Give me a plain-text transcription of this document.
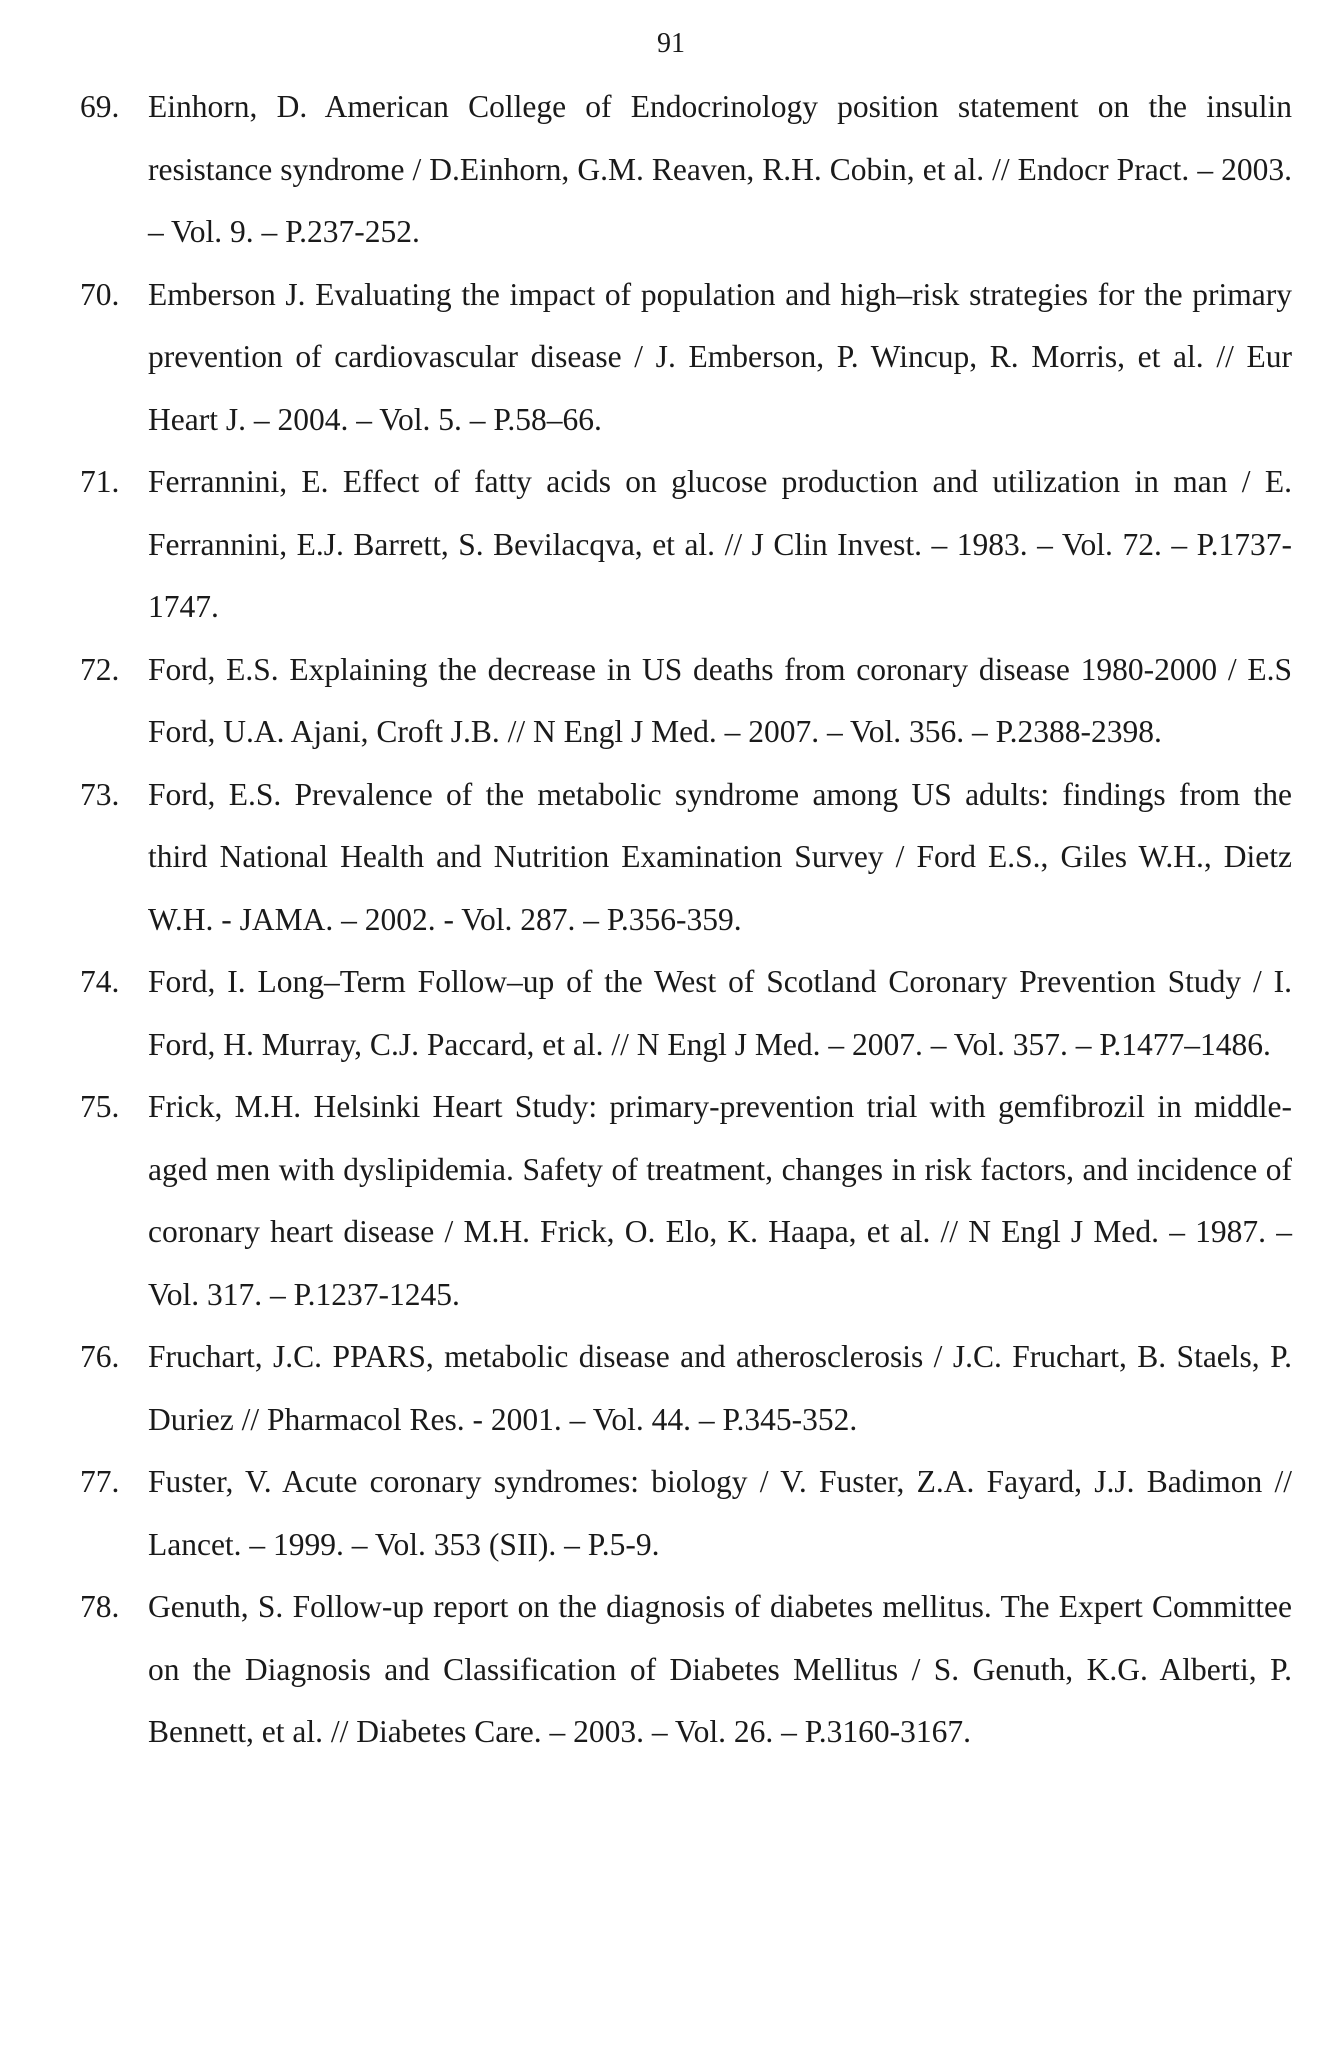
91
69. Einhorn, D. American College of Endocrinology position statement on the insulin resistance syndrome / D.Einhorn, G.M. Reaven, R.H. Cobin, et al. // Endocr Pract. – 2003. – Vol. 9. – P.237-252.
70. Emberson J. Evaluating the impact of population and high–risk strategies for the primary prevention of cardiovascular disease / J. Emberson, P. Wincup, R. Morris, et al. // Eur Heart J. – 2004. – Vol. 5. – P.58–66.
71. Ferrannini, E. Effect of fatty acids on glucose production and utilization in man / E. Ferrannini, E.J. Barrett, S. Bevilacqva, et al. // J Clin Invest. – 1983. – Vol. 72. – P.1737-1747.
72. Ford, E.S. Explaining the decrease in US deaths from coronary disease 1980-2000 / E.S Ford, U.A. Ajani, Croft J.B. // N Engl J Med. – 2007. – Vol. 356. – P.2388-2398.
73. Ford, E.S. Prevalence of the metabolic syndrome among US adults: findings from the third National Health and Nutrition Examination Survey / Ford E.S., Giles W.H., Dietz W.H. - JAMA. – 2002. - Vol. 287. – P.356-359.
74. Ford, I. Long–Term Follow–up of the West of Scotland Coronary Prevention Study / I. Ford, H. Murray, C.J. Paccard, et al. // N Engl J Med. – 2007. – Vol. 357. – P.1477–1486.
75. Frick, M.H. Helsinki Heart Study: primary-prevention trial with gemfibrozil in middle-aged men with dyslipidemia. Safety of treatment, changes in risk factors, and incidence of coronary heart disease / M.H. Frick, O. Elo, K. Haapa, et al. // N Engl J Med. – 1987. – Vol. 317. – P.1237-1245.
76. Fruchart, J.C. PPARS, metabolic disease and atherosclerosis / J.C. Fruchart, B. Staels, P. Duriez // Pharmacol Res. - 2001. – Vol. 44. – P.345-352.
77. Fuster, V. Acute coronary syndromes: biology / V. Fuster, Z.A. Fayard, J.J. Badimon // Lancet. – 1999. – Vol. 353 (SII). – P.5-9.
78. Genuth, S. Follow-up report on the diagnosis of diabetes mellitus. The Expert Committee on the Diagnosis and Classification of Diabetes Mellitus / S. Genuth, K.G. Alberti, P. Bennett, et al. // Diabetes Care. – 2003. – Vol. 26. – P.3160-3167.
